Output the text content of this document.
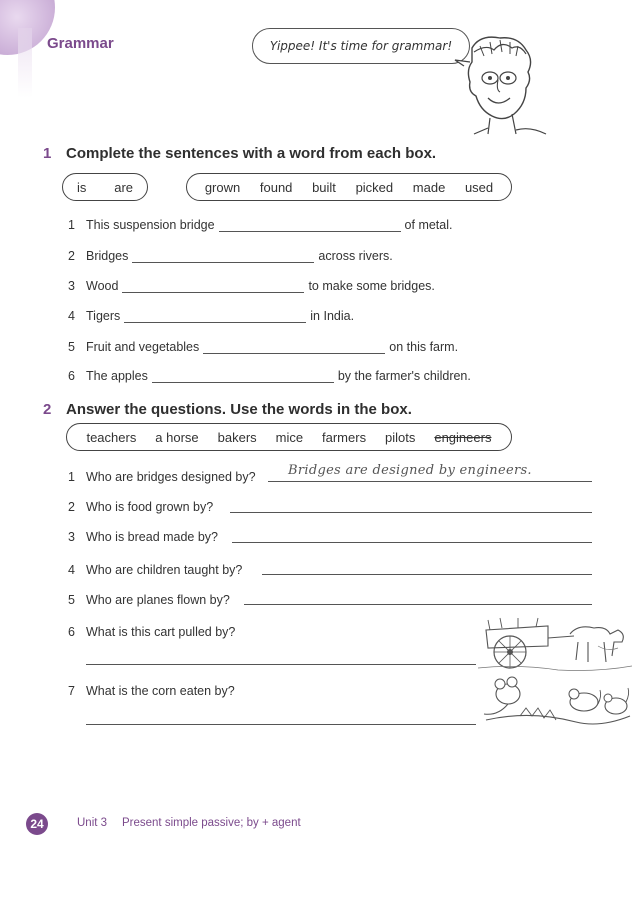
Grammar	Yippee! It's time for grammar!
1 Complete the sentences with a word from each box.
is are	grown found built picked made used
1 This suspension bridge	of metal.
2 Bridges	across rivers.
3 Wood	to make some bridges.
4 Tigers	in India.
5 Fruit and vegetables	on this farm.
6 The apples	by the farmer's children.
2 Answer the questions. Use the words in the box.
teachers a horse bakers mice farmers pilots engineers
1 Who are bridges designed by? Bridges are designed by engineers.
2 Who is food grown by?
3 Who is bread made by?
4 Who are children taught by?
5 Who are planes flown by?
6 What is this cart pulled by?
7 What is the corn eaten by?
24	Unit 3 Present simple passive; by + agent
